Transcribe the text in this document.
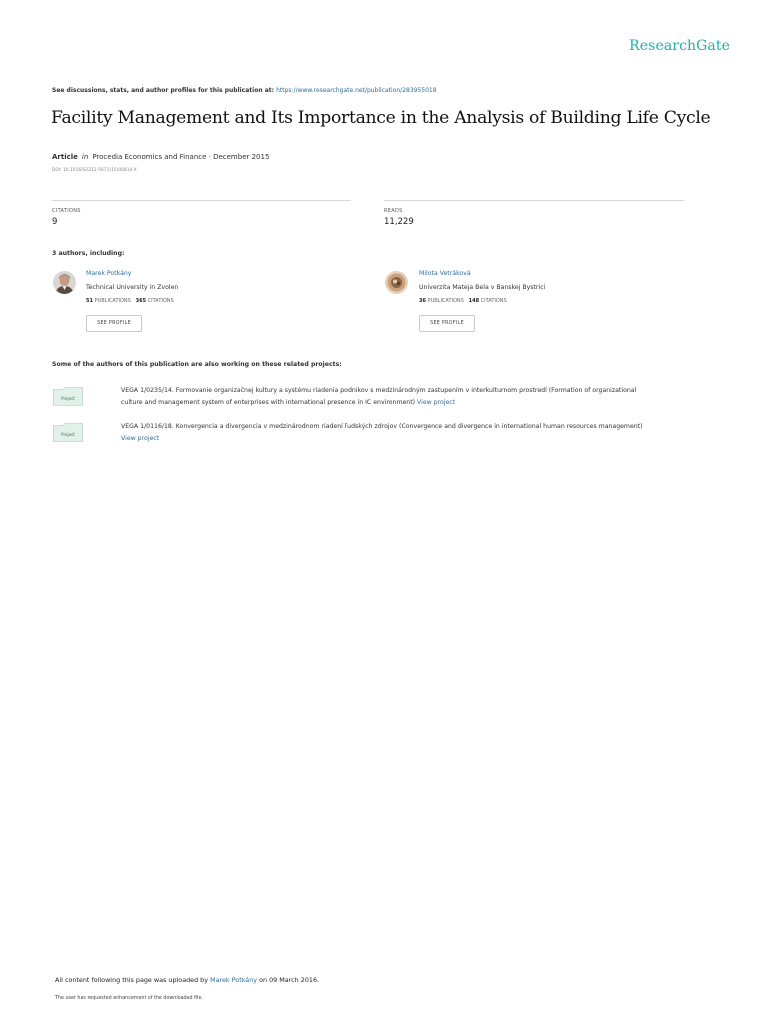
ResearchGate
See discussions, stats, and author profiles for this publication at: https://www.researchgate.net/publication/283955018
Facility Management and Its Importance in the Analysis of Building Life Cycle
Article in Procedia Economics and Finance · December 2015
DOI: 10.1016/S2212-5671(15)00814-X
CITATIONS
9
READS
11,229
3 authors, including:
Marek Potkány
Technical University in Zvolen
51 PUBLICATIONS 365 CITATIONS
SEE PROFILE
Milota Vetráková
Univerzita Mateja Bela v Banskej Bystrici
36 PUBLICATIONS 148 CITATIONS
SEE PROFILE
Some of the authors of this publication are also working on these related projects:
Project
VEGA 1/0235/14. Formovanie organizačnej kultury a systému riadenia podnikov s medzinárodným zastupením v interkulturnom prostredí (Formation of organizational
culture and management system of enterprises with international presence in IC environment) View project
Project
VEGA 1/0116/18. Konvergencia a divergencia v medzinárodnom riadení ľudských zdrojov (Convergence and divergence in international human resources management)
View project
All content following this page was uploaded by Marek Potkány on 09 March 2016.
The user has requested enhancement of the downloaded file.
